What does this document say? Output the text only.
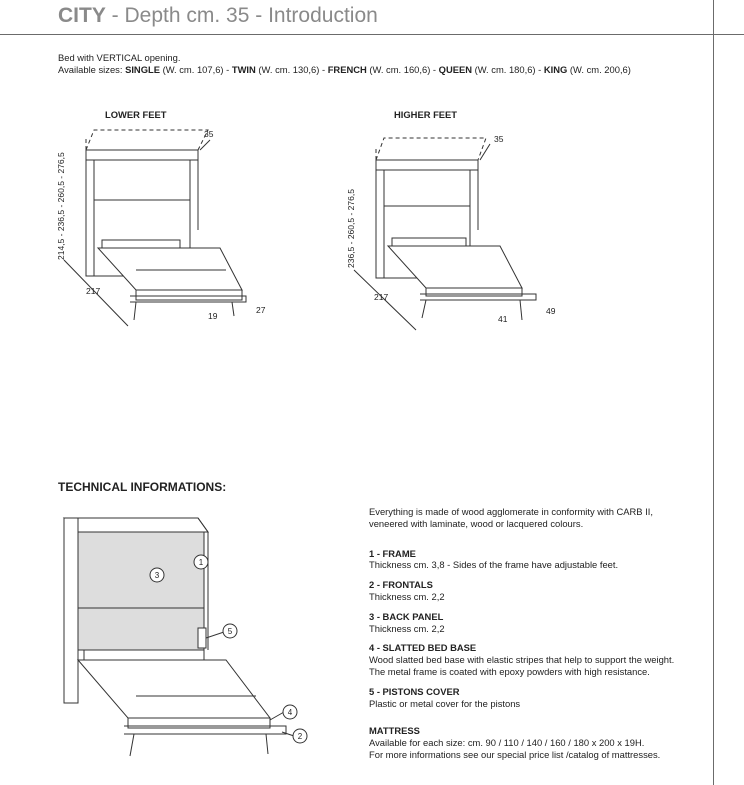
CITY - Depth cm. 35 - Introduction
Bed with VERTICAL opening.
Available sizes: SINGLE (W. cm. 107,6) - TWIN (W. cm. 130,6) - FRENCH (W. cm. 160,6) - QUEEN (W. cm. 180,6) - KING (W. cm. 200,6)
LOWER FEET	HIGHER FEET
214,5 - 236,5 - 260,5 - 276,5
35
217
19
27
236,5 - 260,5 - 276,5
35
217
41
49
TECHNICAL INFORMATIONS:
1
2
3
4
5

Everything is made of wood agglomerate in conformity with CARB II, veneered with laminate, wood or lacquered colours.

1 - FRAME
Thickness cm. 3,8 - Sides of the frame have adjustable feet.
2 - FRONTALS
Thickness cm. 2,2
3 - BACK PANEL
Thickness cm. 2,2
4 - SLATTED BED BASE
Wood slatted bed base with elastic stripes that help to support the weight. The metal frame is coated with epoxy powders with high resistance.
5 - PISTONS COVER
Plastic or metal cover for the pistons
MATTRESS
Available for each size: cm. 90 / 110 / 140 / 160 / 180 x 200 x 19H.
For more informations see our special price list /catalog of mattresses.
